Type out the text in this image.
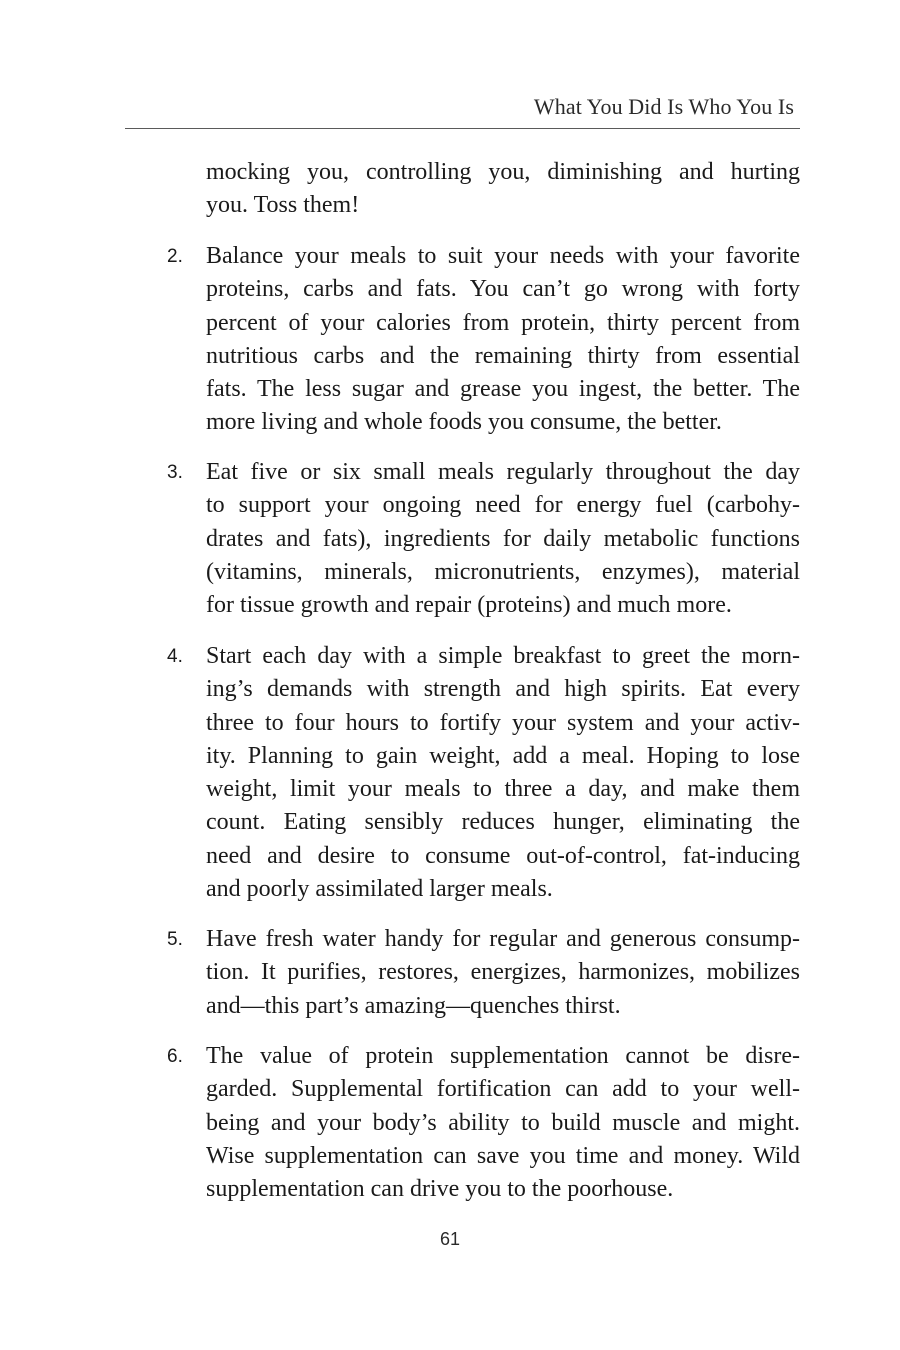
What You Did Is Who You Is

mocking you, controlling you, diminishing and hurting
you. Toss them!

2. Balance your meals to suit your needs with your favorite
proteins, carbs and fats. You can’t go wrong with forty
percent of your calories from protein, thirty percent from
nutritious carbs and the remaining thirty from essential
fats. The less sugar and grease you ingest, the better. The
more living and whole foods you consume, the better.

3. Eat five or six small meals regularly throughout the day
to support your ongoing need for energy fuel (carbohy-
drates and fats), ingredients for daily metabolic functions
(vitamins, minerals, micronutrients, enzymes), material
for tissue growth and repair (proteins) and much more.

4. Start each day with a simple breakfast to greet the morn-
ing’s demands with strength and high spirits. Eat every
three to four hours to fortify your system and your activ-
ity. Planning to gain weight, add a meal. Hoping to lose
weight, limit your meals to three a day, and make them
count. Eating sensibly reduces hunger, eliminating the
need and desire to consume out-of-control, fat-inducing
and poorly assimilated larger meals.

5. Have fresh water handy for regular and generous consump-
tion. It purifies, restores, energizes, harmonizes, mobilizes
and—this part’s amazing—quenches thirst.

6. The value of protein supplementation cannot be disre-
garded. Supplemental fortification can add to your well-
being and your body’s ability to build muscle and might.
Wise supplementation can save you time and money. Wild
supplementation can drive you to the poorhouse.

61
